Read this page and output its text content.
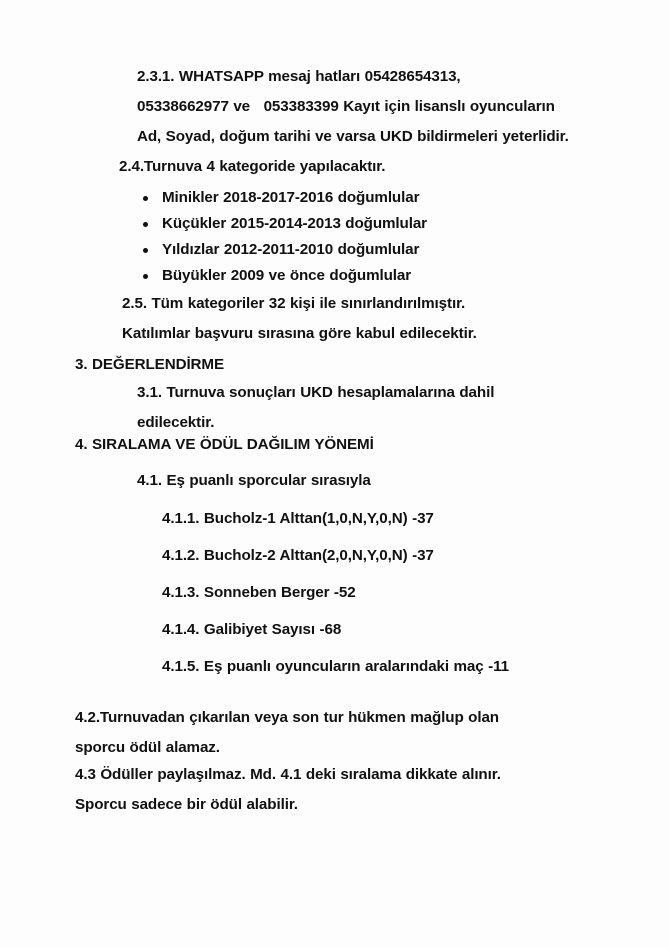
2.3.1. WHATSAPP mesaj hatları 05428654313,
05338662977 ve   053383399 Kayıt için lisanslı oyuncuların
Ad, Soyad, doğum tarihi ve varsa UKD bildirmeleri yeterlidir.
2.4.Turnuva 4 kategoride yapılacaktır.
Minikler 2018-2017-2016 doğumlular
Küçükler 2015-2014-2013 doğumlular
Yıldızlar 2012-2011-2010 doğumlular
Büyükler 2009 ve önce doğumlular
2.5. Tüm kategoriler 32 kişi ile sınırlandırılmıştır.
Katılımlar başvuru sırasına göre kabul edilecektir.
3. DEĞERLENDİRME
3.1. Turnuva sonuçları UKD hesaplamalarına dahil
edilecektir.
4. SIRALAMA VE ÖDÜL DAĞILIM YÖNEMİ
4.1. Eş puanlı sporcular sırasıyla
4.1.1. Bucholz-1 Alttan(1,0,N,Y,0,N) -37
4.1.2. Bucholz-2 Alttan(2,0,N,Y,0,N) -37
4.1.3. Sonneben Berger -52
4.1.4. Galibiyet Sayısı -68
4.1.5. Eş puanlı oyuncuların aralarındaki maç -11
4.2.Turnuvadan çıkarılan veya son tur hükmen mağlup olan
sporcu ödül alamaz.
4.3 Ödüller paylaşılmaz. Md. 4.1 deki sıralama dikkate alınır.
Sporcu sadece bir ödül alabilir.
